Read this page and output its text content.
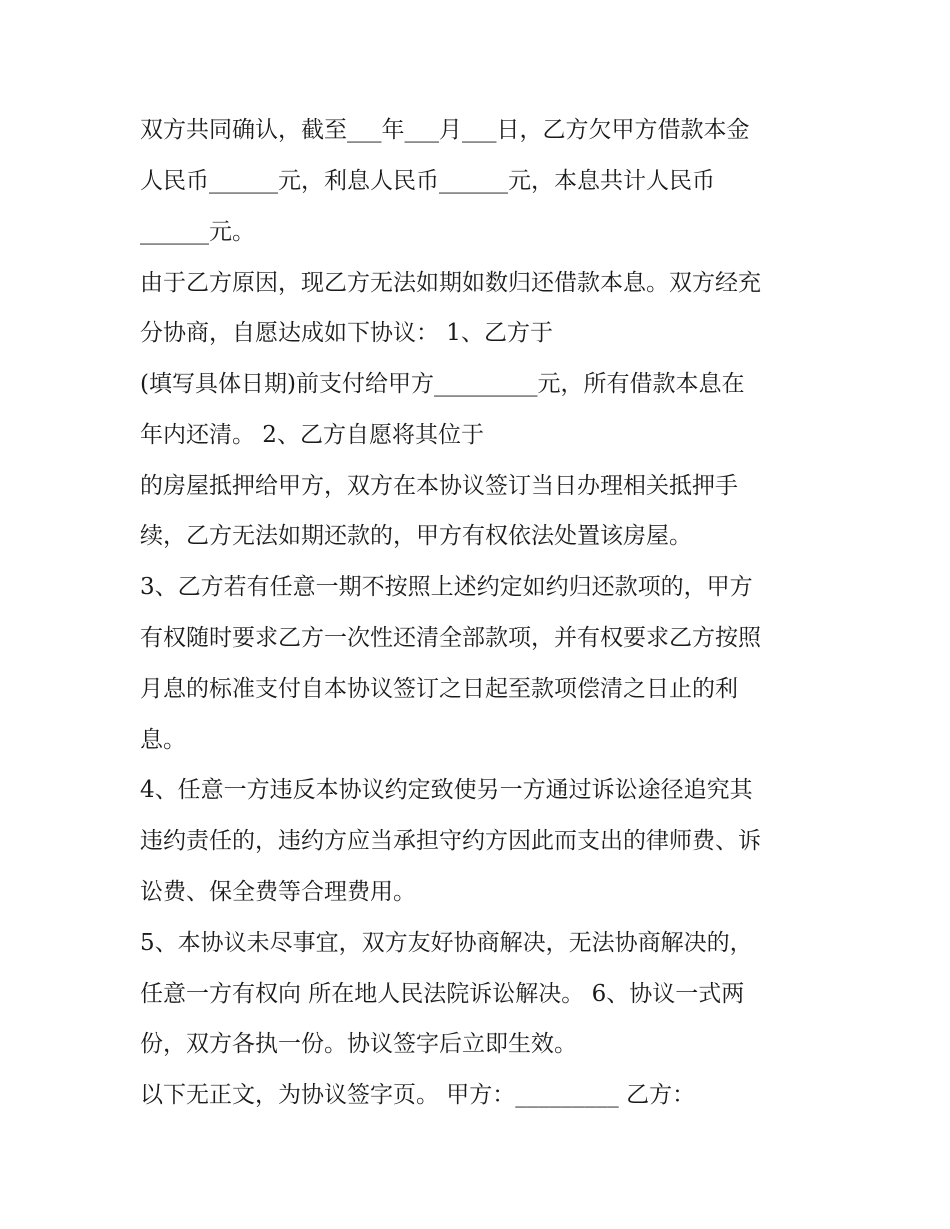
双方共同确认，截至___年___月___日，乙方欠甲方借款本金

人民币______元，利息人民币______元，本息共计人民币

______元。

由于乙方原因，现乙方无法如期如数归还借款本息。双方经充

分协商，自愿达成如下协议： 1、乙方于

(填写具体日期)前支付给甲方_________元，所有借款本息在

年内还清。 2、乙方自愿将其位于

的房屋抵押给甲方，双方在本协议签订当日办理相关抵押手

续，乙方无法如期还款的，甲方有权依法处置该房屋。

3、乙方若有任意一期不按照上述约定如约归还款项的，甲方

有权随时要求乙方一次性还清全部款项，并有权要求乙方按照

月息的标准支付自本协议签订之日起至款项偿清之日止的利

息。

4、任意一方违反本协议约定致使另一方通过诉讼途径追究其

违约责任的，违约方应当承担守约方因此而支出的律师费、诉

讼费、保全费等合理费用。

5、本协议未尽事宜，双方友好协商解决，无法协商解决的，

任意一方有权向 所在地人民法院诉讼解决。 6、协议一式两

份，双方各执一份。协议签字后立即生效。

以下无正文，为协议签字页。 甲方：_________ 乙方：
